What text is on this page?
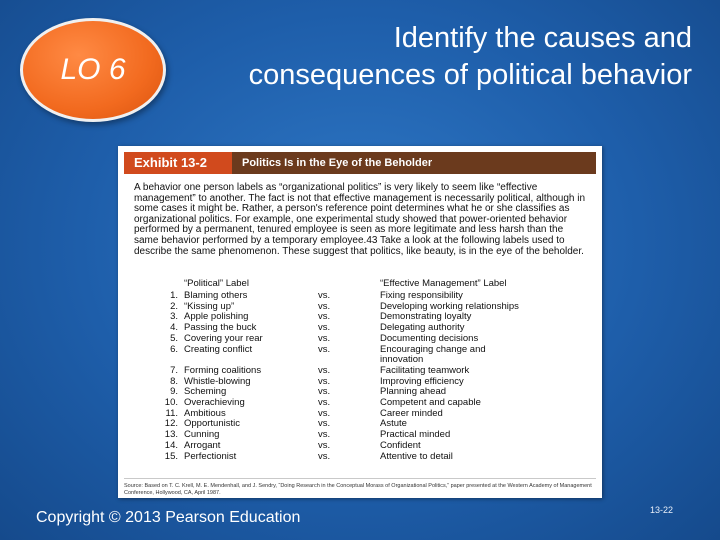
LO 6
Identify the causes and
consequences of political behavior
Exhibit 13-2	Politics Is in the Eye of the Beholder
A behavior one person labels as “organizational politics” is very likely to seem like “effective management” to another. The fact is not that effective management is necessarily political, although in some cases it might be. Rather, a person's reference point determines what he or she classifies as organizational politics. For example, one experimental study showed that power-oriented behavior performed by a permanent, tenured employee is seen as more legitimate and less harsh than the same behavior performed by a temporary employee.43 Take a look at the following labels used to describe the same phenomenon. These suggest that politics, like beauty, is in the eye of the beholder.
“Political” Label	“Effective Management” Label
1. Blaming others	vs.	Fixing responsibility
2. “Kissing up”	vs.	Developing working relationships
3. Apple polishing	vs.	Demonstrating loyalty
4. Passing the buck	vs.	Delegating authority
5. Covering your rear	vs.	Documenting decisions
6. Creating conflict	vs.	Encouraging change and
innovation
7. Forming coalitions	vs.	Facilitating teamwork
8. Whistle-blowing	vs.	Improving efficiency
9. Scheming	vs.	Planning ahead
10. Overachieving	vs.	Competent and capable
11. Ambitious	vs.	Career minded
12. Opportunistic	vs.	Astute
13. Cunning	vs.	Practical minded
14. Arrogant	vs.	Confident
15. Perfectionist	vs.	Attentive to detail
Source: Based on T. C. Krell, M. E. Mendenhall, and J. Sendry, “Doing Research in the Conceptual Morass of Organizational Politics,” paper presented at the Western Academy of Management Conference, Hollywood, CA, April 1987.
Copyright © 2013 Pearson Education	13-22
